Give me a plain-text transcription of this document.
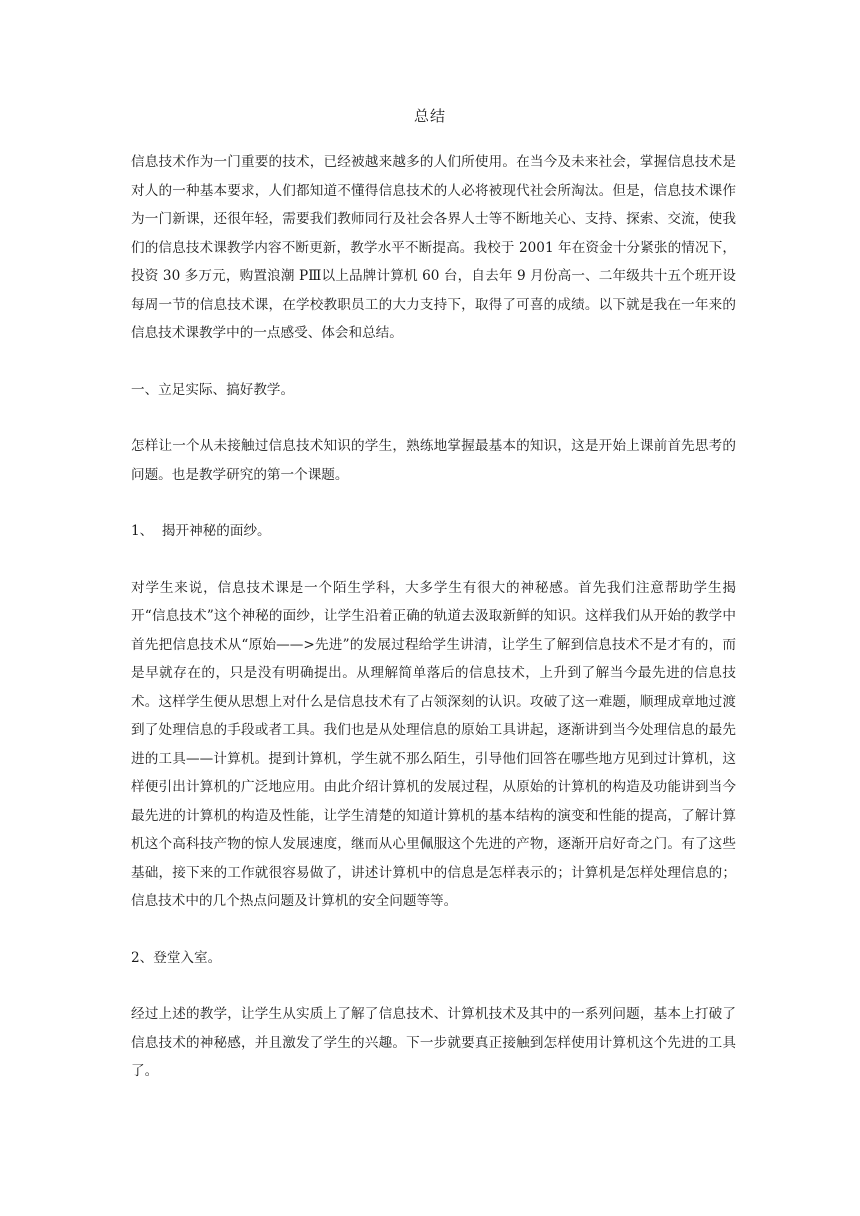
总结

信息技术作为一门重要的技术，已经被越来越多的人们所使用。在当今及未来社会，掌握信息技术是对人的一种基本要求，人们都知道不懂得信息技术的人必将被现代社会所淘汰。但是，信息技术课作为一门新课，还很年轻，需要我们教师同行及社会各界人士等不断地关心、支持、探索、交流，使我们的信息技术课教学内容不断更新，教学水平不断提高。我校于 2001 年在资金十分紧张的情况下，投资 30 多万元，购置浪潮 PⅢ以上品牌计算机 60 台，自去年 9 月份高一、二年级共十五个班开设每周一节的信息技术课，在学校教职员工的大力支持下，取得了可喜的成绩。以下就是我在一年来的信息技术课教学中的一点感受、体会和总结。

一、立足实际、搞好教学。

怎样让一个从未接触过信息技术知识的学生，熟练地掌握最基本的知识，这是开始上课前首先思考的问题。也是教学研究的第一个课题。

1、  揭开神秘的面纱。

对学生来说，信息技术课是一个陌生学科，大多学生有很大的神秘感。首先我们注意帮助学生揭开“信息技术”这个神秘的面纱，让学生沿着正确的轨道去汲取新鲜的知识。这样我们从开始的教学中首先把信息技术从“原始——>先进”的发展过程给学生讲清，让学生了解到信息技术不是才有的，而是早就存在的，只是没有明确提出。从理解简单落后的信息技术，上升到了解当今最先进的信息技术。这样学生便从思想上对什么是信息技术有了占领深刻的认识。攻破了这一难题，顺理成章地过渡到了处理信息的手段或者工具。我们也是从处理信息的原始工具讲起，逐渐讲到当今处理信息的最先进的工具——计算机。提到计算机，学生就不那么陌生，引导他们回答在哪些地方见到过计算机，这样便引出计算机的广泛地应用。由此介绍计算机的发展过程，从原始的计算机的构造及功能讲到当今最先进的计算机的构造及性能，让学生清楚的知道计算机的基本结构的演变和性能的提高，了解计算机这个高科技产物的惊人发展速度，继而从心里佩服这个先进的产物，逐渐开启好奇之门。有了这些基础，接下来的工作就很容易做了，讲述计算机中的信息是怎样表示的；计算机是怎样处理信息的；信息技术中的几个热点问题及计算机的安全问题等等。

2、登堂入室。

经过上述的教学，让学生从实质上了解了信息技术、计算机技术及其中的一系列问题，基本上打破了信息技术的神秘感，并且激发了学生的兴趣。下一步就要真正接触到怎样使用计算机这个先进的工具了。
